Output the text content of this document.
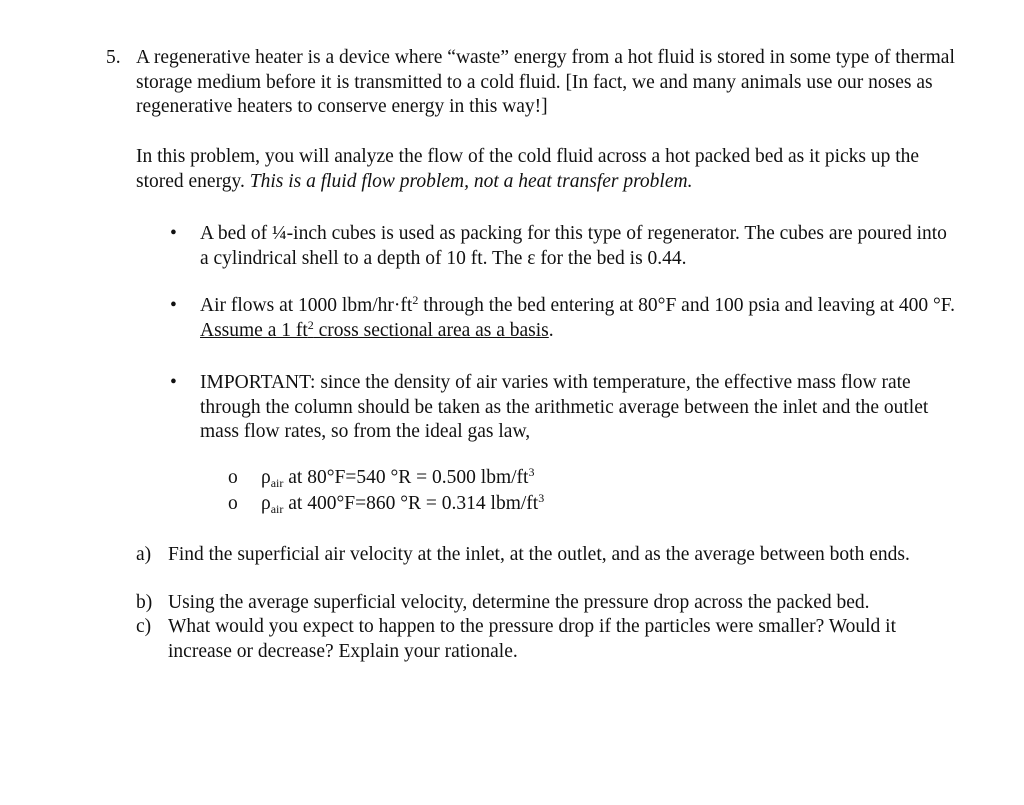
5. A regenerative heater is a device where “waste” energy from a hot fluid is stored in some type of thermal storage medium before it is transmitted to a cold fluid. [In fact, we and many animals use our noses as regenerative heaters to conserve energy in this way!]
In this problem, you will analyze the flow of the cold fluid across a hot packed bed as it picks up the stored energy. This is a fluid flow problem, not a heat transfer problem.
• A bed of ¼-inch cubes is used as packing for this type of regenerator. The cubes are poured into a cylindrical shell to a depth of 10 ft. The ε for the bed is 0.44.
• Air flows at 1000 lbm/$hr\cdot ft^2$ through the bed entering at 80°F and 100 psia and leaving at 400 °F. Assume a 1 $ft^2$ cross sectional area as a basis.
• IMPORTANT: since the density of air varies with temperature, the effective mass flow rate through the column should be taken as the arithmetic average between the inlet and the outlet mass flow rates, so from the ideal gas law,
o $\rho_{air}$ at 80°F=540 °R = 0.500 lbm/$ft^3$
o $\rho_{air}$ at 400°F=860 °R = 0.314 lbm/$ft^3$
a) Find the superficial air velocity at the inlet, at the outlet, and as the average between both ends.
b) Using the average superficial velocity, determine the pressure drop across the packed bed.
c) What would you expect to happen to the pressure drop if the particles were smaller? Would it increase or decrease? Explain your rationale.
